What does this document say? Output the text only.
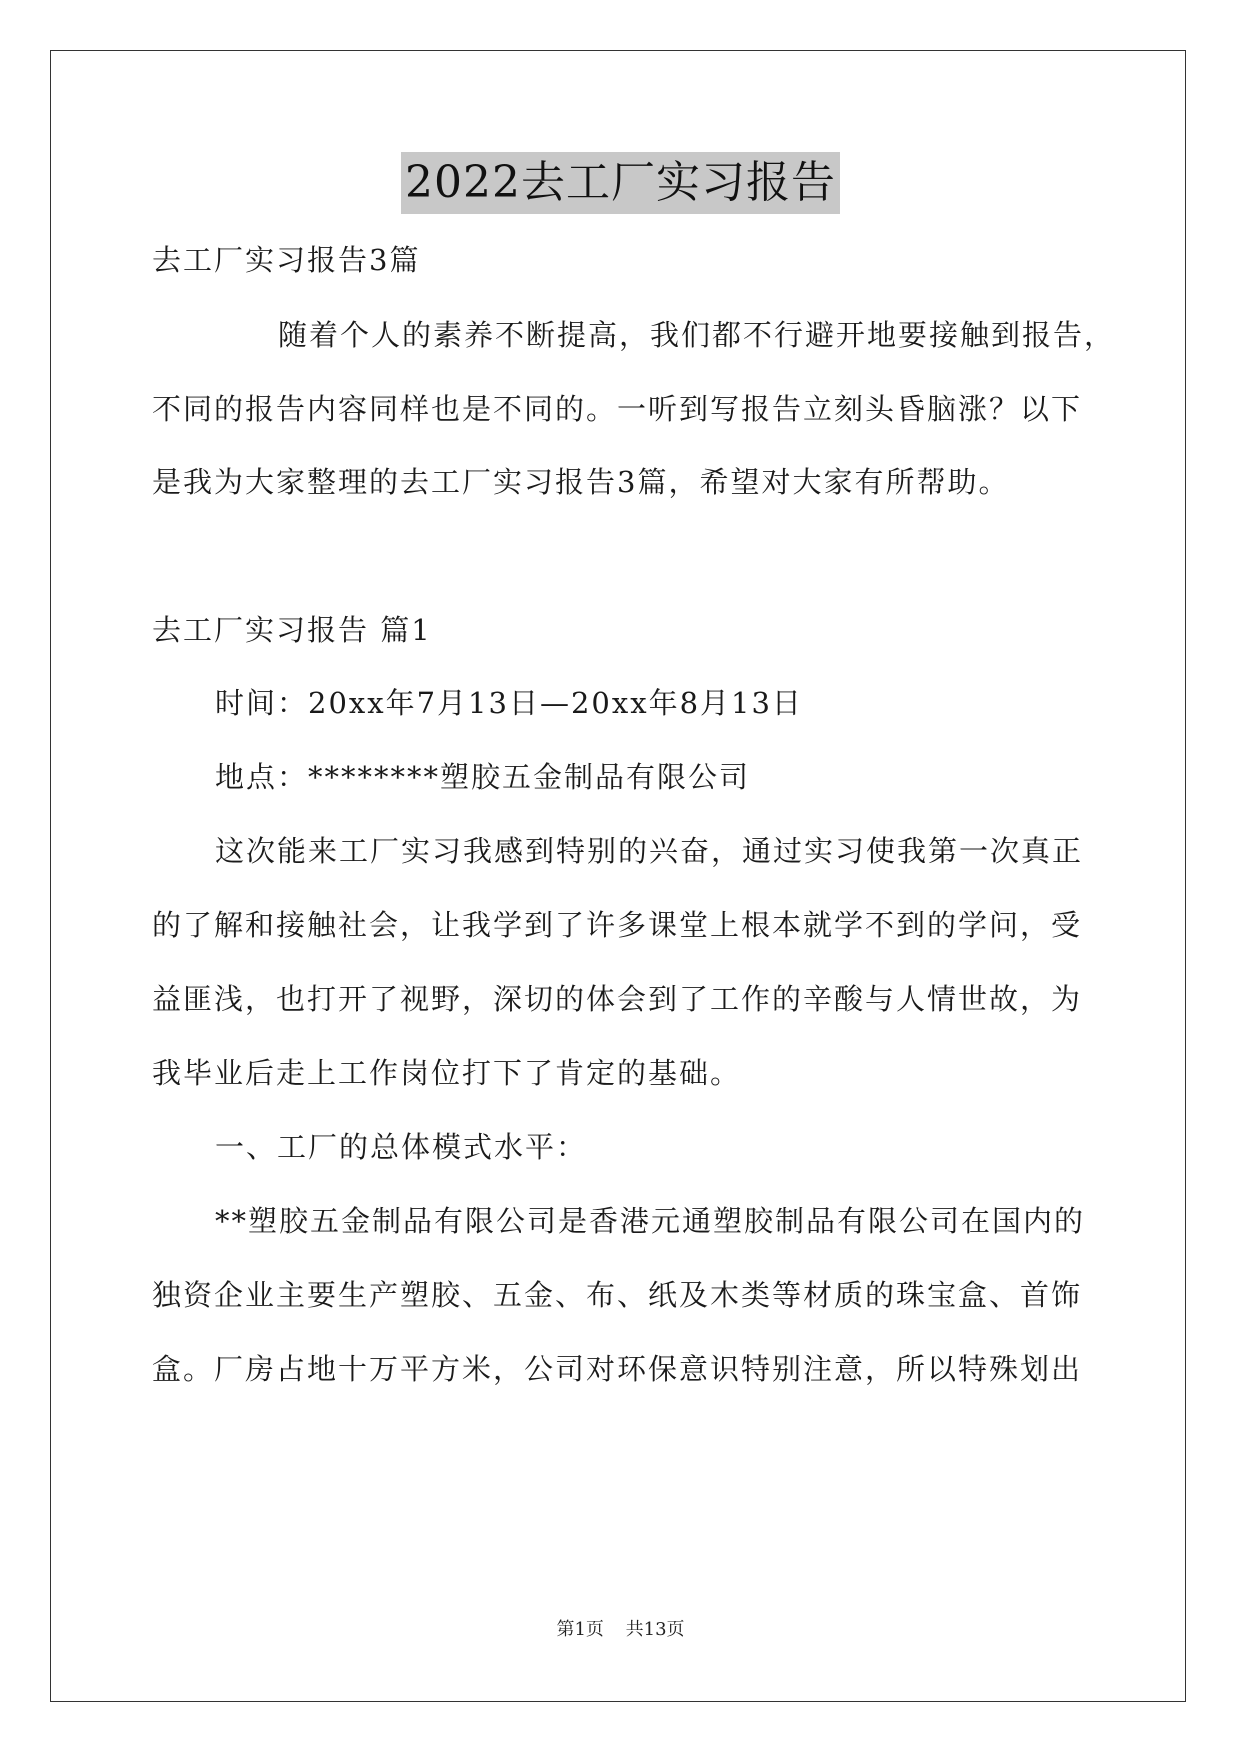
2022去工厂实习报告
去工厂实习报告3篇
随着个人的素养不断提高，我们都不行避开地要接触到报告，
不同的报告内容同样也是不同的。一听到写报告立刻头昏脑涨？以下
是我为大家整理的去工厂实习报告3篇，希望对大家有所帮助。
去工厂实习报告 篇1
时间：20xx年7月13日—20xx年8月13日
地点：********塑胶五金制品有限公司
这次能来工厂实习我感到特别的兴奋，通过实习使我第一次真正
的了解和接触社会，让我学到了许多课堂上根本就学不到的学问，受
益匪浅，也打开了视野，深切的体会到了工作的辛酸与人情世故，为
我毕业后走上工作岗位打下了肯定的基础。
一、工厂的总体模式水平：
**塑胶五金制品有限公司是香港元通塑胶制品有限公司在国内的
独资企业主要生产塑胶、五金、布、纸及木类等材质的珠宝盒、首饰
盒。厂房占地十万平方米，公司对环保意识特别注意，所以特殊划出
第1页 共13页
